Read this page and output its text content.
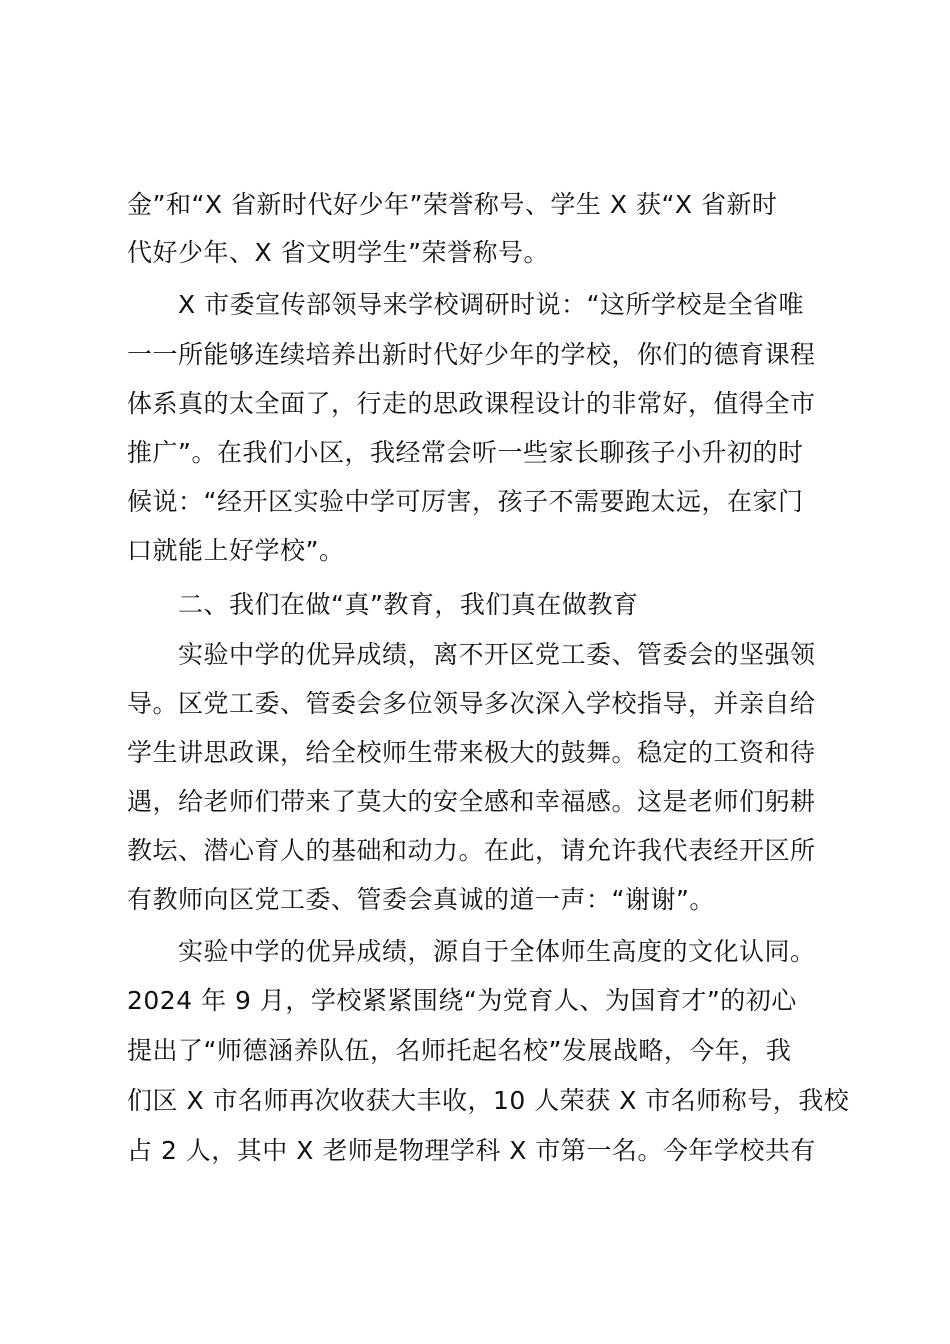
金”和“X 省新时代好少年”荣誉称号、学生 X 获“X 省新时
代好少年、X 省文明学生”荣誉称号。
X 市委宣传部领导来学校调研时说：“这所学校是全省唯
一一所能够连续培养出新时代好少年的学校，你们的德育课程
体系真的太全面了，行走的思政课程设计的非常好，值得全市
推广”。在我们小区，我经常会听一些家长聊孩子小升初的时
候说：“经开区实验中学可厉害，孩子不需要跑太远，在家门
口就能上好学校”。
二、我们在做“真”教育，我们真在做教育
实验中学的优异成绩，离不开区党工委、管委会的坚强领
导。区党工委、管委会多位领导多次深入学校指导，并亲自给
学生讲思政课，给全校师生带来极大的鼓舞。稳定的工资和待
遇，给老师们带来了莫大的安全感和幸福感。这是老师们躬耕
教坛、潜心育人的基础和动力。在此，请允许我代表经开区所
有教师向区党工委、管委会真诚的道一声：“谢谢”。
实验中学的优异成绩，源自于全体师生高度的文化认同。
2024 年 9 月，学校紧紧围绕“为党育人、为国育才”的初心
提出了“师德涵养队伍，名师托起名校”发展战略，今年，我
们区 X 市名师再次收获大丰收，10 人荣获 X 市名师称号，我校
占 2 人，其中 X 老师是物理学科 X 市第一名。今年学校共有
